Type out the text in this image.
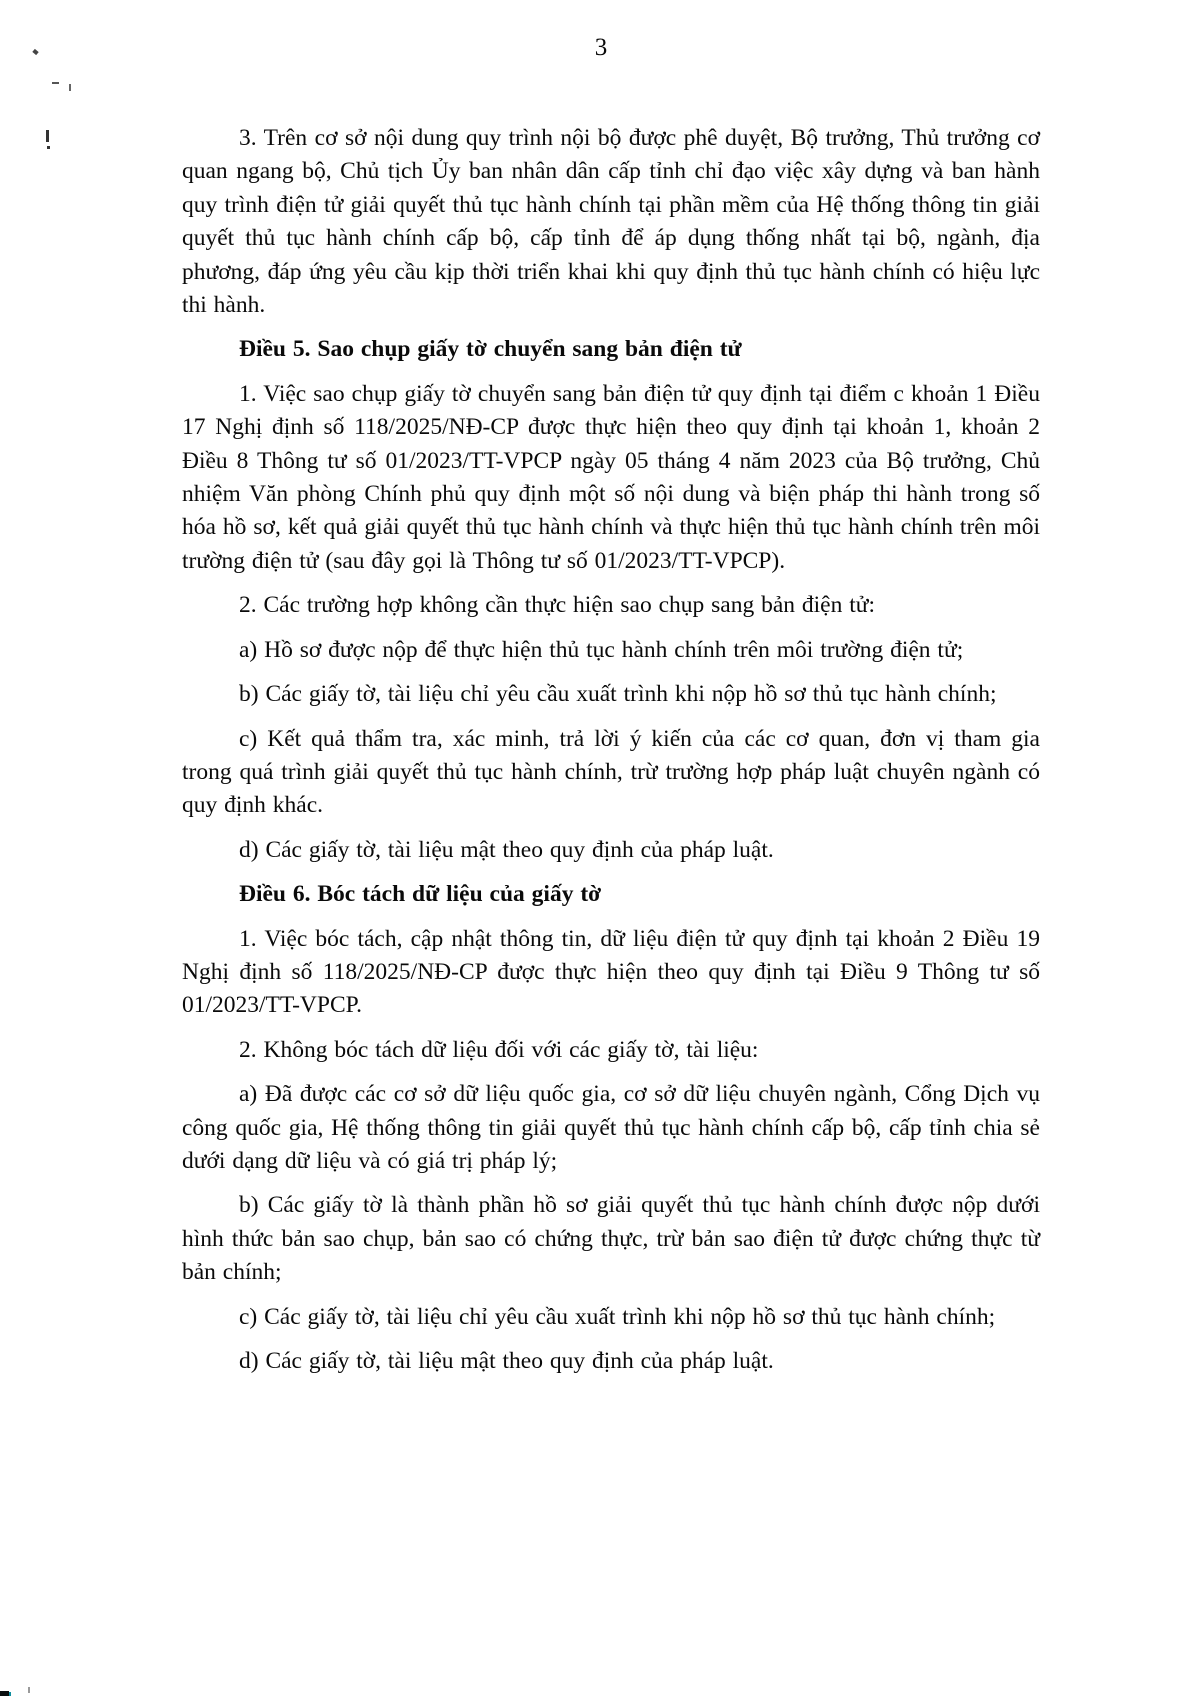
3

3. Trên cơ sở nội dung quy trình nội bộ được phê duyệt, Bộ trưởng, Thủ trưởng cơ quan ngang bộ, Chủ tịch Ủy ban nhân dân cấp tỉnh chỉ đạo việc xây dựng và ban hành quy trình điện tử giải quyết thủ tục hành chính tại phần mềm của Hệ thống thông tin giải quyết thủ tục hành chính cấp bộ, cấp tỉnh để áp dụng thống nhất tại bộ, ngành, địa phương, đáp ứng yêu cầu kịp thời triển khai khi quy định thủ tục hành chính có hiệu lực thi hành.

Điều 5. Sao chụp giấy tờ chuyển sang bản điện tử

1. Việc sao chụp giấy tờ chuyển sang bản điện tử quy định tại điểm c khoản 1 Điều 17 Nghị định số 118/2025/NĐ-CP được thực hiện theo quy định tại khoản 1, khoản 2 Điều 8 Thông tư số 01/2023/TT-VPCP ngày 05 tháng 4 năm 2023 của Bộ trưởng, Chủ nhiệm Văn phòng Chính phủ quy định một số nội dung và biện pháp thi hành trong số hóa hồ sơ, kết quả giải quyết thủ tục hành chính và thực hiện thủ tục hành chính trên môi trường điện tử (sau đây gọi là Thông tư số 01/2023/TT-VPCP).

2. Các trường hợp không cần thực hiện sao chụp sang bản điện tử:

a) Hồ sơ được nộp để thực hiện thủ tục hành chính trên môi trường điện tử;

b) Các giấy tờ, tài liệu chỉ yêu cầu xuất trình khi nộp hồ sơ thủ tục hành chính;

c) Kết quả thẩm tra, xác minh, trả lời ý kiến của các cơ quan, đơn vị tham gia trong quá trình giải quyết thủ tục hành chính, trừ trường hợp pháp luật chuyên ngành có quy định khác.

d) Các giấy tờ, tài liệu mật theo quy định của pháp luật.

Điều 6. Bóc tách dữ liệu của giấy tờ

1. Việc bóc tách, cập nhật thông tin, dữ liệu điện tử quy định tại khoản 2 Điều 19 Nghị định số 118/2025/NĐ-CP được thực hiện theo quy định tại Điều 9 Thông tư số 01/2023/TT-VPCP.

2. Không bóc tách dữ liệu đối với các giấy tờ, tài liệu:

a) Đã được các cơ sở dữ liệu quốc gia, cơ sở dữ liệu chuyên ngành, Cổng Dịch vụ công quốc gia, Hệ thống thông tin giải quyết thủ tục hành chính cấp bộ, cấp tỉnh chia sẻ dưới dạng dữ liệu và có giá trị pháp lý;

b) Các giấy tờ là thành phần hồ sơ giải quyết thủ tục hành chính được nộp dưới hình thức bản sao chụp, bản sao có chứng thực, trừ bản sao điện tử được chứng thực từ bản chính;

c) Các giấy tờ, tài liệu chỉ yêu cầu xuất trình khi nộp hồ sơ thủ tục hành chính;

d) Các giấy tờ, tài liệu mật theo quy định của pháp luật.
